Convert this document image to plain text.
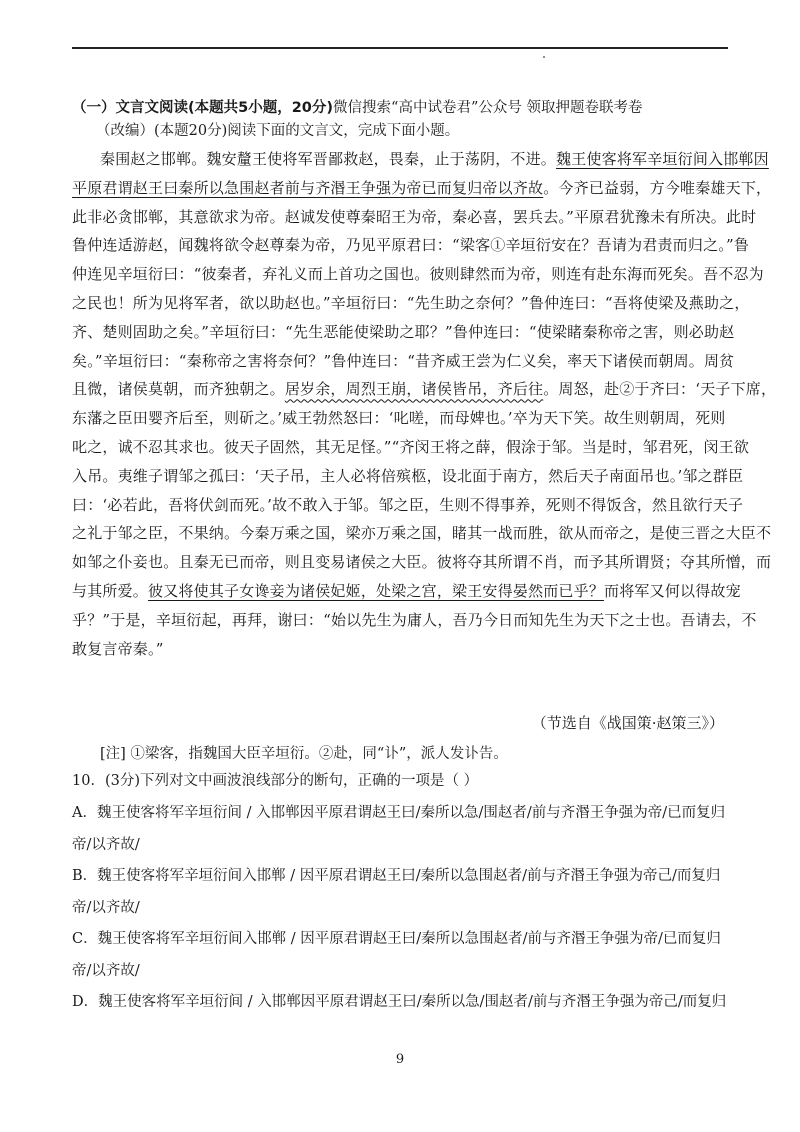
（一）文言文阅读(本题共5小题，20分)微信搜索“高中试卷君”公众号 领取押题卷联考卷
（改编）(本题20分)阅读下面的文言文，完成下面小题。
秦围赵之邯郸。魏安釐王使将军晋鄙救赵，畏秦，止于荡阴，不进。魏王使客将军辛垣衍间入邯郸因
平原君谓赵王曰秦所以急围赵者前与齐湣王争强为帝已而复归帝以齐故。今齐已益弱，方今唯秦雄天下，
此非必贪邯郸，其意欲求为帝。赵诚发使尊秦昭王为帝，秦必喜，罢兵去。”平原君犹豫未有所决。此时
鲁仲连适游赵，闻魏将欲令赵尊秦为帝，乃见平原君曰：“梁客①辛垣衍安在？吾请为君责而归之。”鲁
仲连见辛垣衍曰：“彼秦者，弃礼义而上首功之国也。彼则肆然而为帝，则连有赴东海而死矣。吾不忍为
之民也！所为见将军者，欲以助赵也。”辛垣衍曰：“先生助之奈何？”鲁仲连曰：“吾将使梁及燕助之，
齐、楚则固助之矣。”辛垣衍曰：“先生恶能使梁助之耶？”鲁仲连曰：“使梁睹秦称帝之害，则必助赵
矣。”辛垣衍曰：“秦称帝之害将奈何？”鲁仲连曰：“昔齐威王尝为仁义矣，率天下诸侯而朝周。周贫
且微，诸侯莫朝，而齐独朝之。居岁余，周烈王崩，诸侯皆吊，齐后往。周怒，赴②于齐曰：‘天子下席，
东藩之臣田婴齐后至，则斫之。’威王勃然怒曰：‘叱嗟，而母婢也。’卒为天下笑。故生则朝周，死则
叱之，诚不忍其求也。彼天子固然，其无足怪。”“齐闵王将之薛，假涂于邹。当是时，邹君死，闵王欲
入吊。夷维子谓邹之孤曰：‘天子吊，主人必将倍殡柩，设北面于南方，然后天子南面吊也。’邹之群臣
曰：‘必若此，吾将伏剑而死。’故不敢入于邹。邹之臣，生则不得事养，死则不得饭含，然且欲行天子
之礼于邹之臣，不果纳。今秦万乘之国，梁亦万乘之国，睹其一战而胜，欲从而帝之，是使三晋之大臣不
如邹之仆妾也。且秦无已而帝，则且变易诸侯之大臣。彼将夺其所谓不肖，而予其所谓贤；夺其所憎，而
与其所爱。彼又将使其子女谗妾为诸侯妃姬，处梁之宫，梁王安得晏然而已乎？而将军又何以得故宠
乎？”于是，辛垣衍起，再拜，谢曰：“始以先生为庸人，吾乃今日而知先生为天下之士也。吾请去，不
敢复言帝秦。”
（节选自《战国策·赵策三》）
[注] ①梁客，指魏国大臣辛垣衍。②赴，同“讣”，派人发讣告。
10．(3分)下列对文中画波浪线部分的断句，正确的一项是（ ）
A．魏王使客将军辛垣衍间 / 入邯郸因平原君谓赵王曰/秦所以急/围赵者/前与齐湣王争强为帝/已而复归
帝/以齐故/
B．魏王使客将军辛垣衍间入邯郸 / 因平原君谓赵王曰/秦所以急围赵者/前与齐湣王争强为帝己/而复归
帝/以齐故/
C．魏王使客将军辛垣衍间入邯郸 / 因平原君谓赵王曰/秦所以急围赵者/前与齐湣王争强为帝/已而复归
帝/以齐故/
D．魏王使客将军辛垣衍间 / 入邯郸因平原君谓赵王曰/秦所以急/围赵者/前与齐湣王争强为帝己/而复归
9
